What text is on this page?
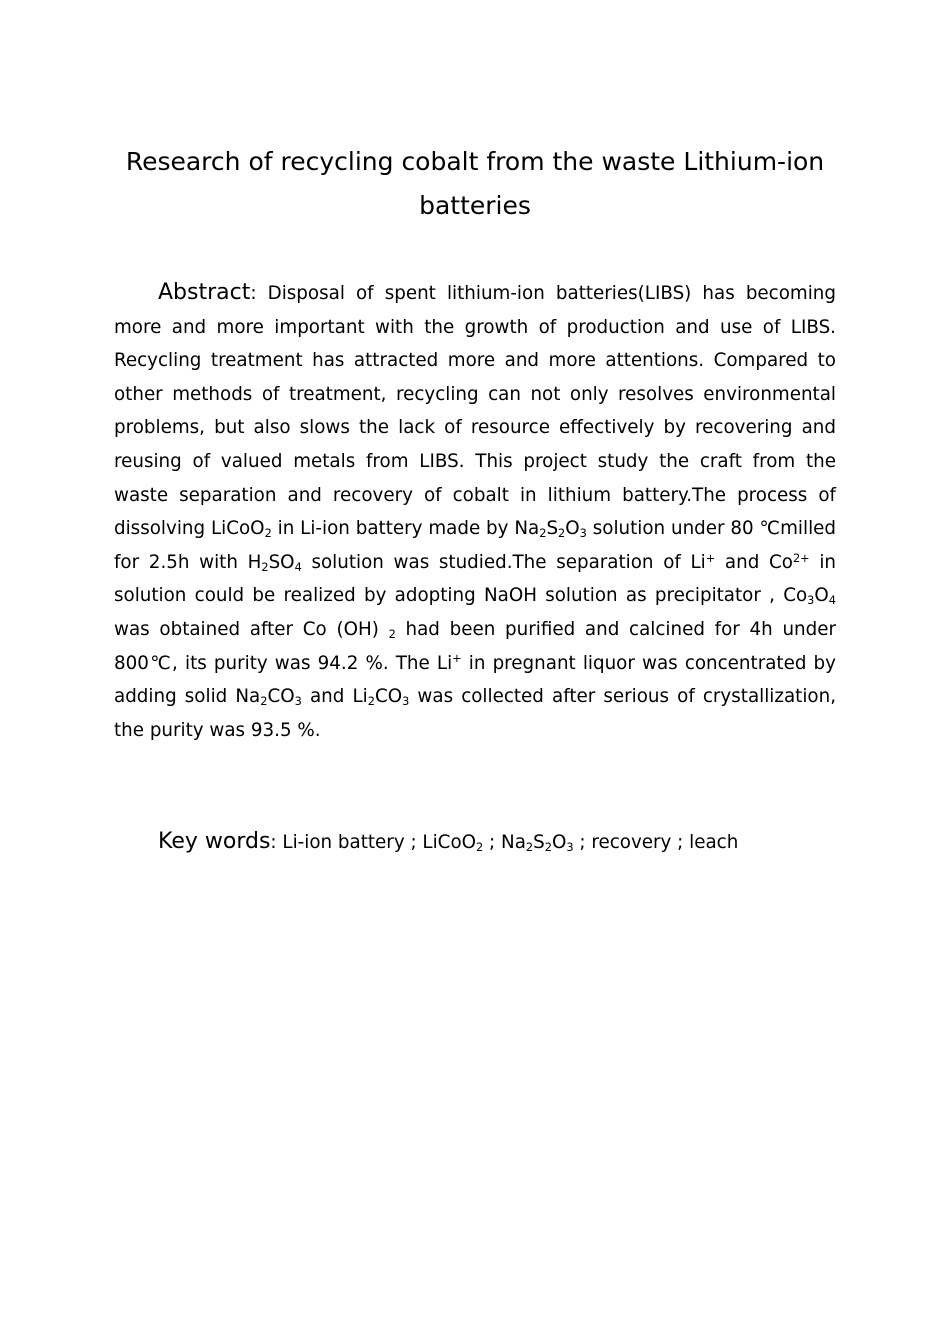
Research of recycling cobalt from the waste Lithium-ion batteries

Abstract: Disposal of spent lithium-ion batteries(LIBS) has becoming more and more important with the growth of production and use of LIBS. Recycling treatment has attracted more and more attentions. Compared to other methods of treatment, recycling can not only resolves environmental problems, but also slows the lack of resource effectively by recovering and reusing of valued metals from LIBS. This project study the craft from the waste separation and recovery of cobalt in lithium battery.The process of dissolving LiCoO$_2$ in Li-ion battery made by $Na_2S_2O_3$ solution under 80 ℃milled for 2.5h with $H_2SO_4$ solution was studied.The separation of Li+ and $Co^{2+}$ in solution could be realized by adopting NaOH solution as precipitator , $Co_3O_4$ was obtained after Co (OH) $_2$ had been purified and calcined for 4h under 800℃, its purity was 94.2 %. The Li+ in pregnant liquor was concentrated by adding solid $Na_2CO_3$ and $Li_2CO_3$ was collected after serious of crystallization, the purity was 93.5 %.

Key words: Li-ion battery ; LiCoO$_2$ ; $Na_2S_2O_3$ ; recovery ; leach
